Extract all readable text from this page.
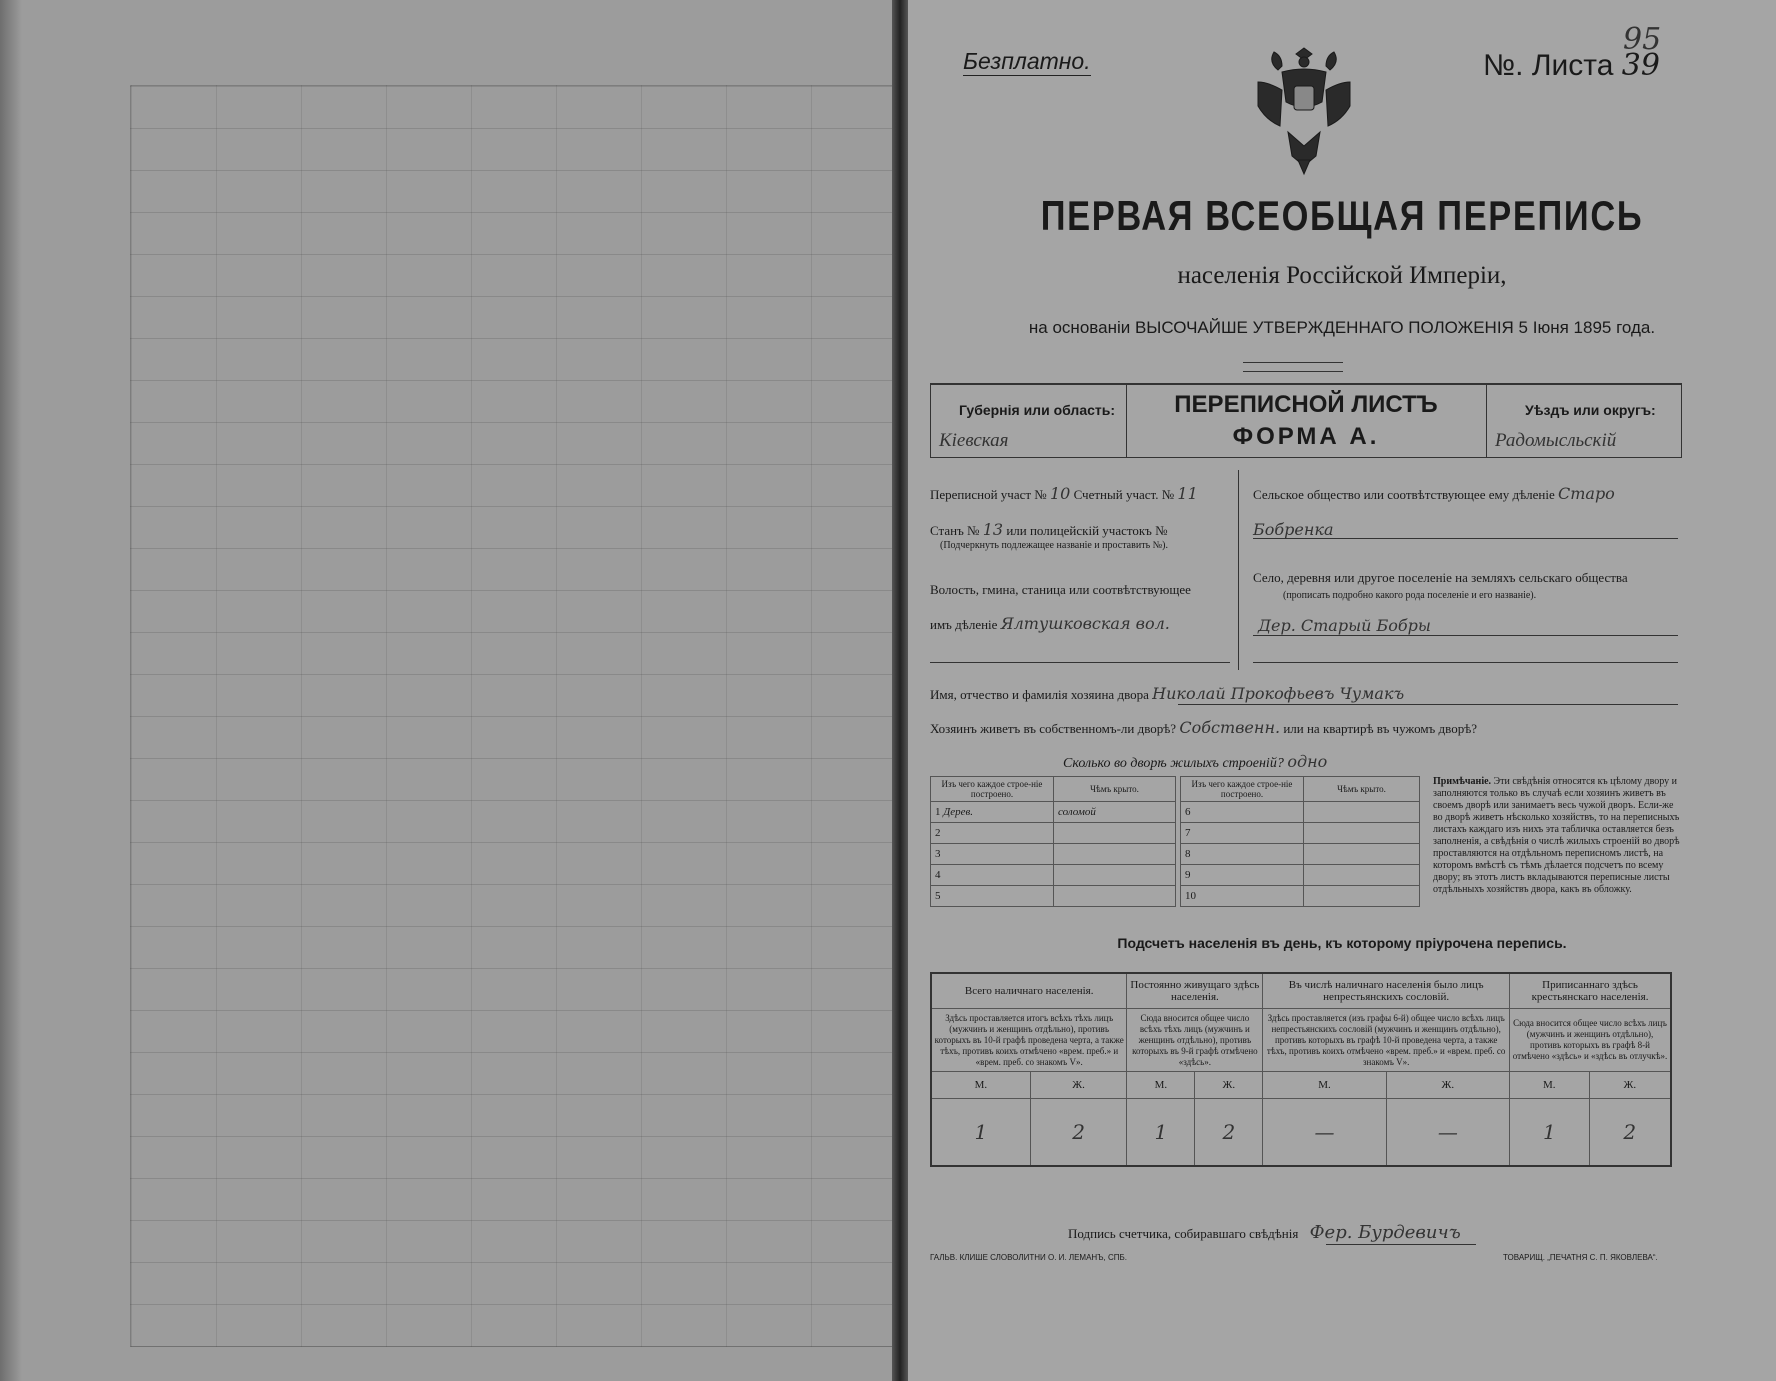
Безплатно.	№. Листа 39
95
ПЕРВАЯ ВСЕОБЩАЯ ПЕРЕПИСЬ
населенія Россійской Имперіи,
на основаніи ВЫСОЧАЙШЕ УТВЕРЖДЕННАГО ПОЛОЖЕНІЯ 5 Іюня 1895 года.
Губернія или область:
Кіевская
ПЕРЕПИСНОЙ ЛИСТЪ
ФОРМА А.
Уѣздъ или округъ:
Радомысльскій
Переписной участ № 10 Счетный участ. № 11
Станъ № 13 или полицейскій участокъ №
(Подчеркнуть подлежащее названіе и проставить №).
Волость, гмина, станица или соотвѣтствующее
имъ дѣленіе Ялтушковская вол.
Сельское общество или соотвѣтствующее ему дѣленіе Старо
Бобренка
Село, деревня или другое поселеніе на земляхъ сельскаго общества
(прописать подробно какого рода поселеніе и его названіе).
Дер. Старый Бобры
Имя, отчество и фамилія хозяина двора Николай Прокофьевъ Чумакъ
Хозяинъ живетъ въ собственномъ-ли дворѣ? Собственн. или на квартирѣ въ чужомъ дворѣ?
Сколько во дворѣ жилыхъ строеній? одно
Изъ чего каждое строе-ніе построено.	Чѣмъ крыто.
1 Дерев.	соломой
2	
3	
4	
5	
Изъ чего каждое строе-ніе построено.	Чѣмъ крыто.
6	
7	
8	
9	
10	
Примѣчаніе. Эти свѣдѣнія относятся къ цѣлому двору и заполняются только въ случаѣ если хозяинъ живетъ въ своемъ дворѣ или занимаетъ весь чужой дворъ. Если-же во дворѣ живетъ нѣсколько хозяйствъ, то на переписныхъ листахъ каждаго изъ нихъ эта табличка оставляется безъ заполненія, а свѣдѣнія о числѣ жилыхъ строеній во дворѣ проставляются на отдѣльномъ переписномъ листѣ, на которомъ вмѣстѣ съ тѣмъ дѣлается подсчетъ по всему двору; въ этотъ листъ вкладываются переписные листы отдѣльныхъ хозяйствъ двора, какъ въ обложку.
Подсчетъ населенія въ день, къ которому пріурочена перепись.
Всего наличнаго населенія.		Постоянно живущаго здѣсь населенія.		Въ числѣ наличнаго населенія было лицъ непрестьянскихъ сословій.		Приписаннаго здѣсь крестьянскаго населенія.	
Здѣсь проставляется итогъ всѣхъ тѣхъ лицъ (мужчинъ и женщинъ отдѣльно), противъ которыхъ въ 10-й графѣ проведена черта, а также тѣхъ, противъ коихъ отмѣчено «врем. преб.» и «врем. преб. со знакомъ V».		Сюда вносится общее число всѣхъ тѣхъ лицъ (мужчинъ и женщинъ отдѣльно), противъ которыхъ въ 9-й графѣ отмѣчено «здѣсь».		Здѣсь проставляется (изъ графы 6-й) общее число всѣхъ лицъ непрестьянскихъ сословій (мужчинъ и женщинъ отдѣльно), противъ которыхъ въ графѣ 10-й проведена черта, а также тѣхъ, противъ коихъ отмѣчено «врем. преб.» и «врем. преб. со знакомъ V».		Сюда вносится общее число всѣхъ лицъ (мужчинъ и женщинъ отдѣльно), противъ которыхъ въ графѣ 8-й отмѣчено «здѣсь» и «здѣсь въ отлучкѣ».	
М.	Ж.	М.	Ж.	М.	Ж.	М.	Ж.
1	2	1	2	—	—	1	2
Подпись счетчика, собиравшаго свѣдѣнія Фер. Бурдевичъ
ГАЛЬВ. КЛИШЕ СЛОВОЛИТНИ О. И. ЛЕМАНЪ, СПБ.	ТОВАРИЩ. „ПЕЧАТНЯ С. П. ЯКОВЛЕВА“.
